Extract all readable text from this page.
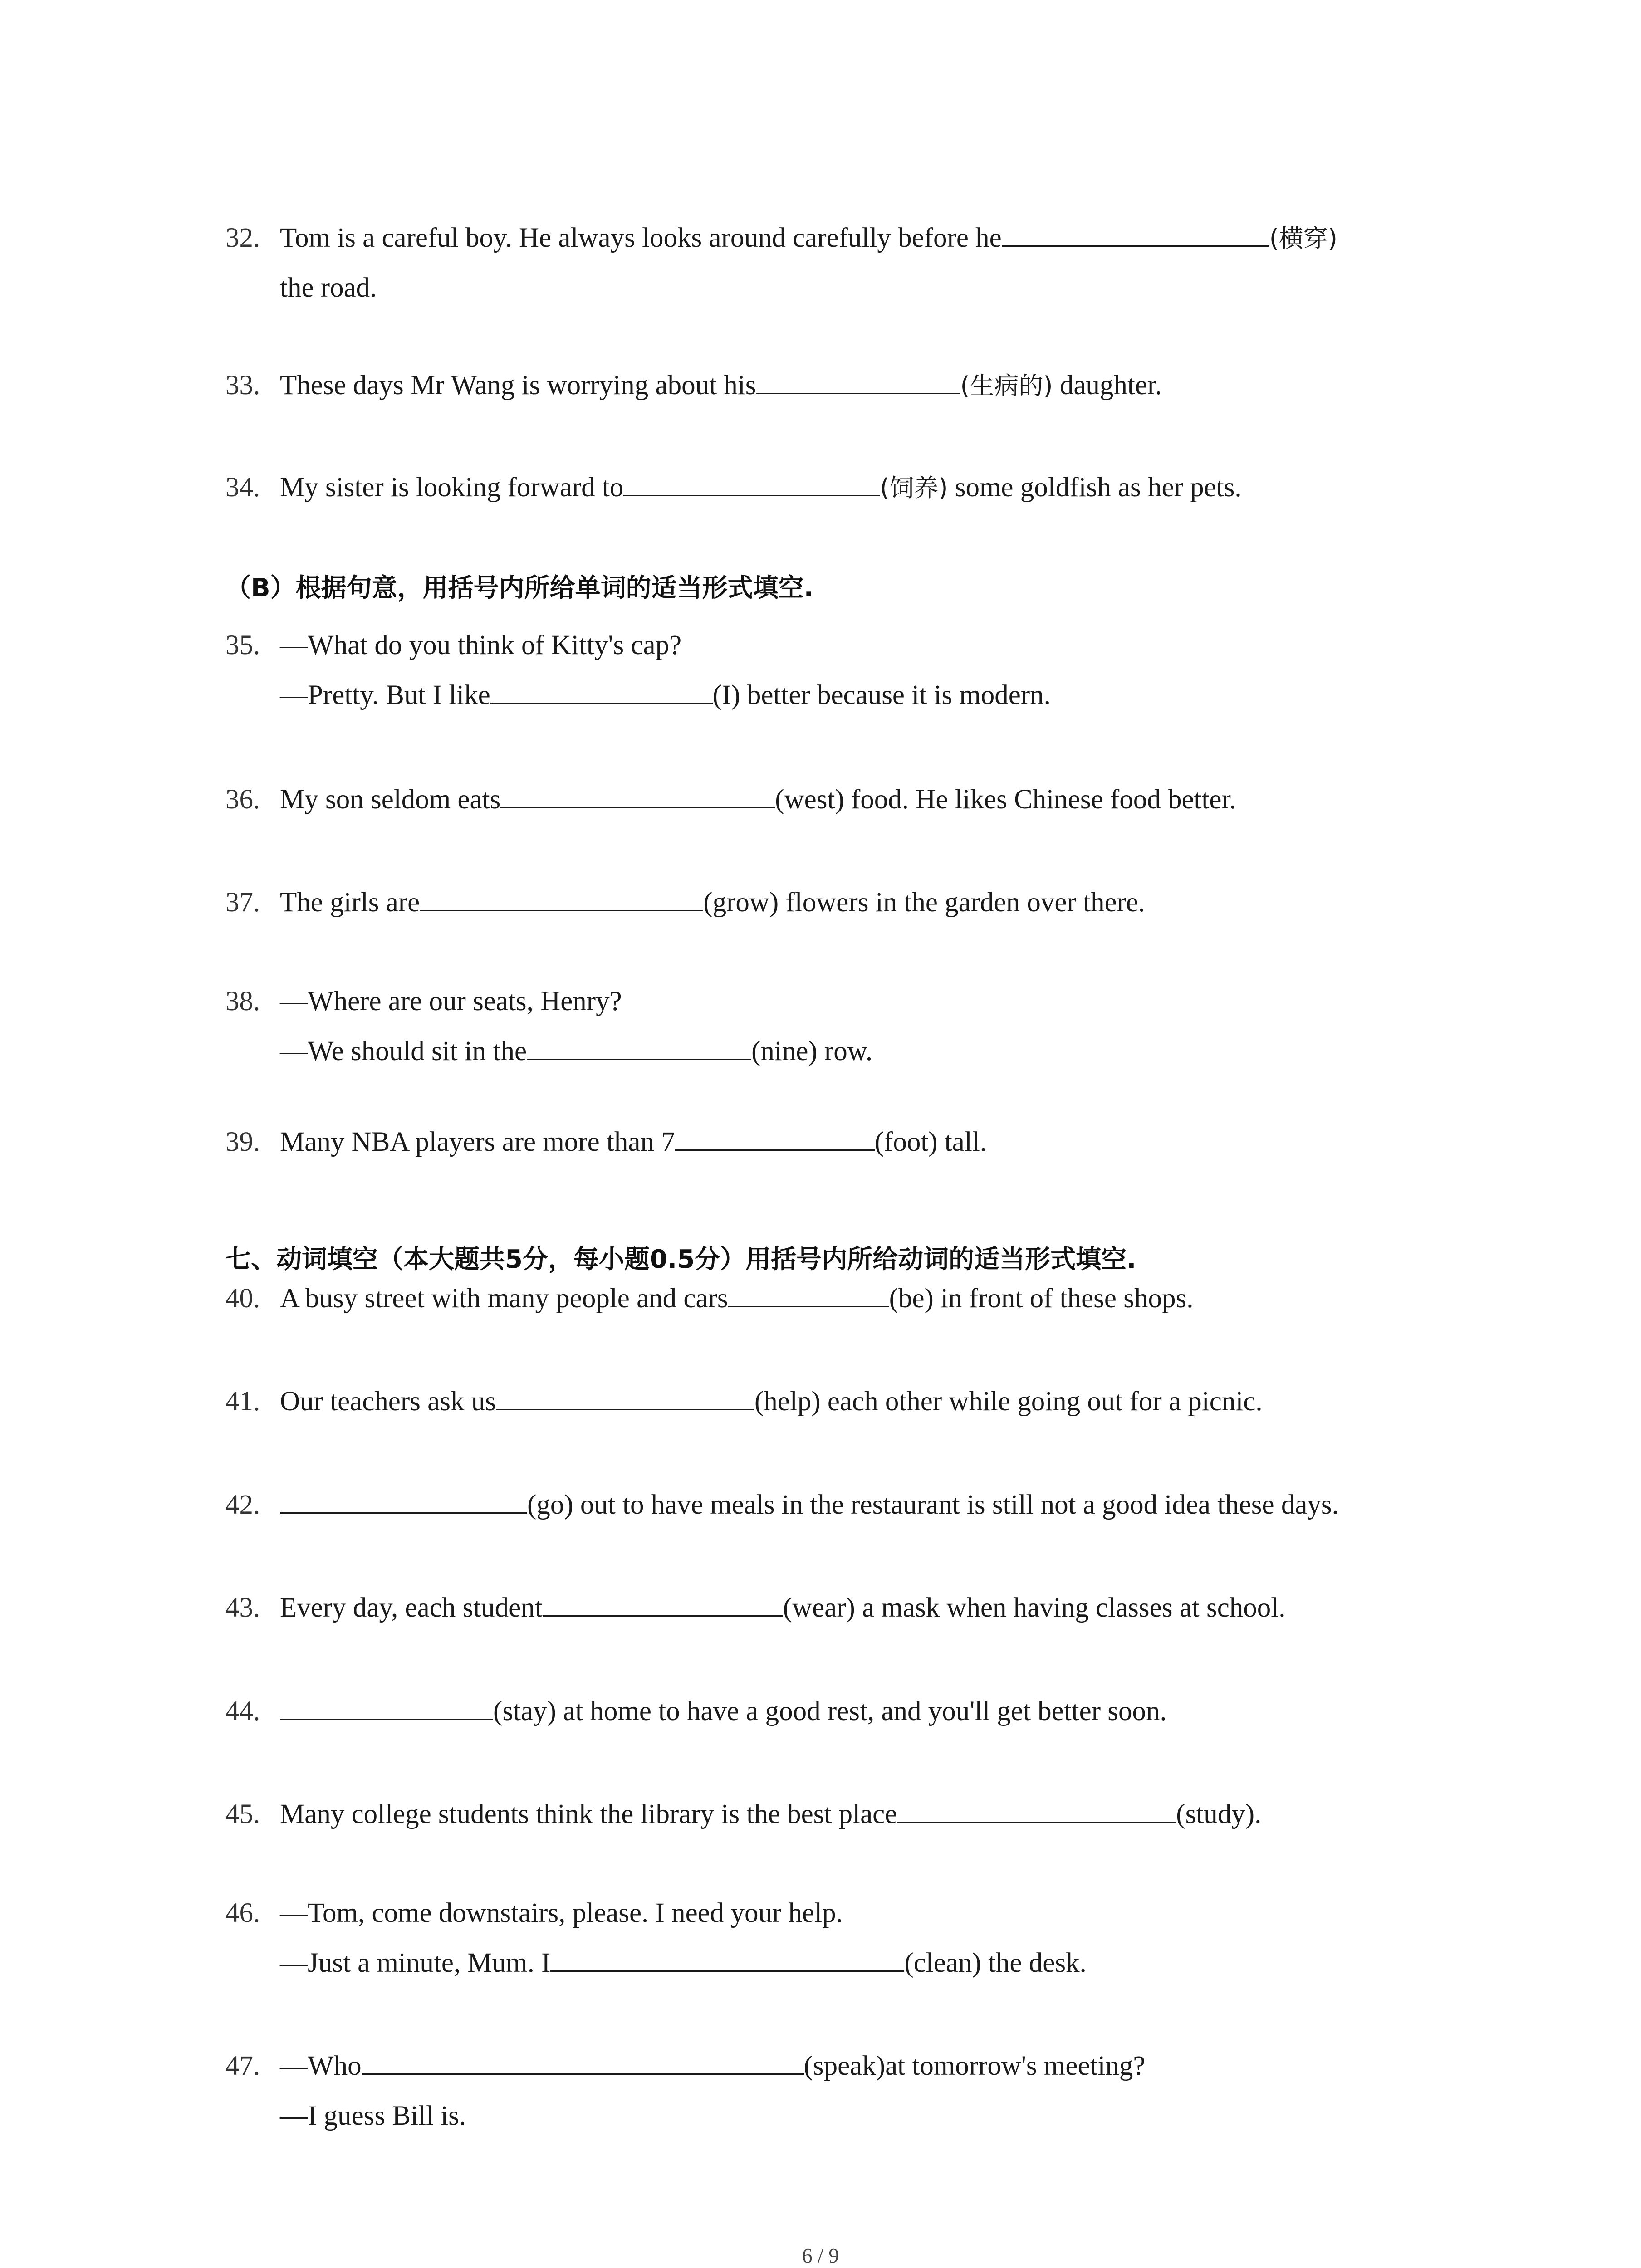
32. Tom is a careful boy. He always looks around carefully before he	(横穿)
the road.
33. These days Mr Wang is worrying about his	(生病的) daughter.
34. My sister is looking forward to	(饲养) some goldfish as her pets.
35. —What do you think of Kitty's cap?
—Pretty. But I like	(I) better because it is modern.
36. My son seldom eats	(west) food. He likes Chinese food better.
37. The girls are	(grow) flowers in the garden over there.
38. —Where are our seats, Henry?
—We should sit in the	(nine) row.
39. Many NBA players are more than 7	(foot) tall.
40. A busy street with many people and cars	(be) in front of these shops.
41. Our teachers ask us	(help) each other while going out for a picnic.
42.	(go) out to have meals in the restaurant is still not a good idea these days.
43. Every day, each student	(wear) a mask when having classes at school.
44.	(stay) at home to have a good rest, and you'll get better soon.
45. Many college students think the library is the best place	(study).
46. —Tom, come downstairs, please. I need your help.
—Just a minute, Mum. I	(clean) the desk.
47. —Who	(speak)at tomorrow's meeting?
—I guess Bill is.
（B）根据句意，用括号内所给单词的适当形式填空.
七、动词填空（本大题共5分，每小题0.5分）用括号内所给动词的适当形式填空.
6 / 9
